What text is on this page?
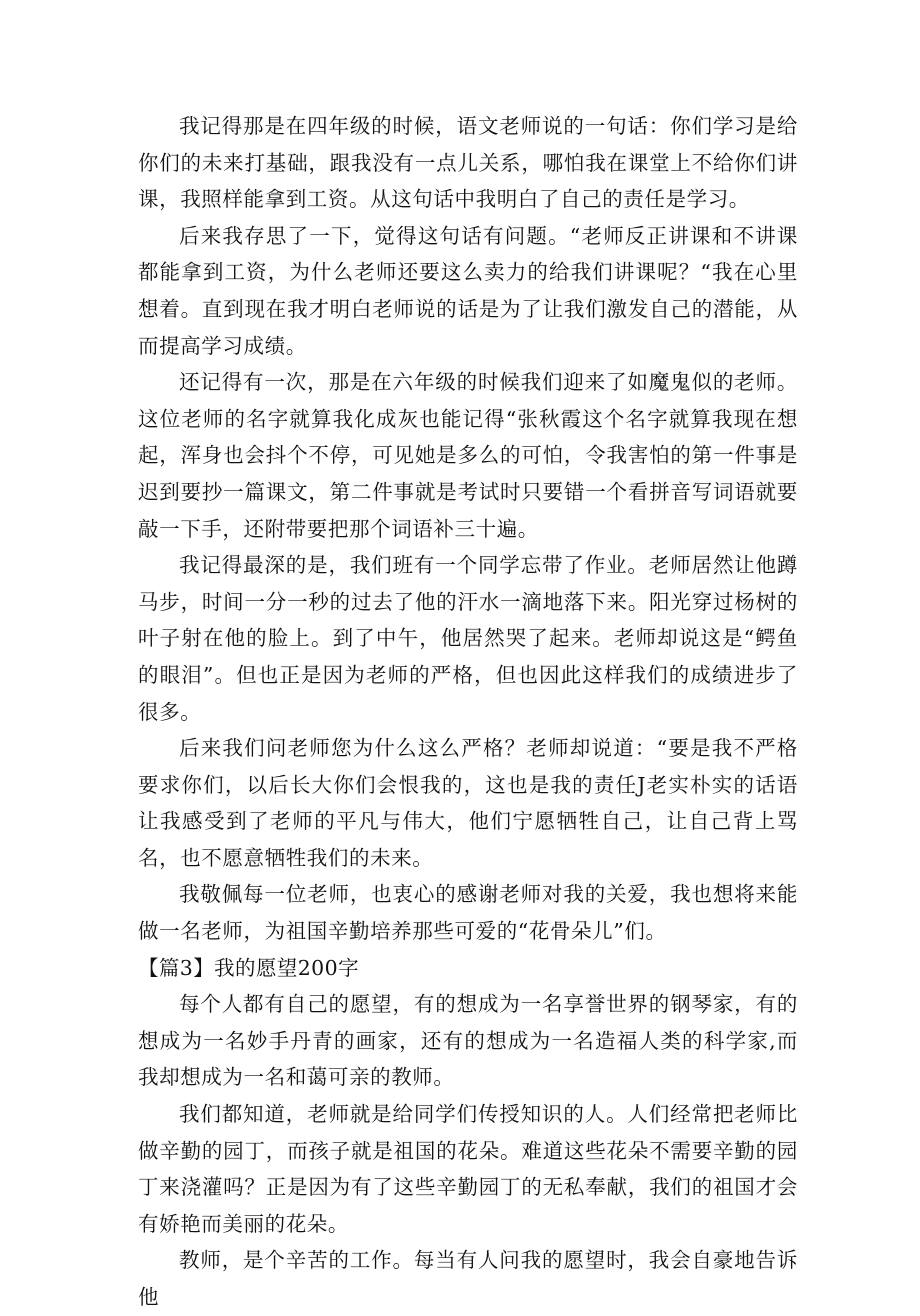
我记得那是在四年级的时候，语文老师说的一句话：你们学习是给你们的未来打基础，跟我没有一点儿关系，哪怕我在课堂上不给你们讲课，我照样能拿到工资。从这句话中我明白了自己的责任是学习。

后来我存思了一下，觉得这句话有问题。“老师反正讲课和不讲课都能拿到工资，为什么老师还要这么卖力的给我们讲课呢？“我在心里想着。直到现在我才明白老师说的话是为了让我们激发自己的潜能，从而提高学习成绩。

还记得有一次，那是在六年级的时候我们迎来了如魔鬼似的老师。这位老师的名字就算我化成灰也能记得“张秋霞这个名字就算我现在想起，浑身也会抖个不停，可见她是多么的可怕，令我害怕的第一件事是迟到要抄一篇课文，第二件事就是考试时只要错一个看拼音写词语就要敲一下手，还附带要把那个词语补三十遍。

我记得最深的是，我们班有一个同学忘带了作业。老师居然让他蹲马步，时间一分一秒的过去了他的汗水一滴地落下来。阳光穿过杨树的叶子射在他的脸上。到了中午，他居然哭了起来。老师却说这是“鳄鱼的眼泪”。但也正是因为老师的严格，但也因此这样我们的成绩进步了很多。

后来我们问老师您为什么这么严格？老师却说道：“要是我不严格要求你们，以后长大你们会恨我的，这也是我的责任J老实朴实的话语让我感受到了老师的平凡与伟大，他们宁愿牺牲自己，让自己背上骂名，也不愿意牺牲我们的未来。

我敬佩每一位老师，也衷心的感谢老师对我的关爱，我也想将来能做一名老师，为祖国辛勤培养那些可爱的“花骨朵儿”们。

【篇3】我的愿望200字

每个人都有自己的愿望，有的想成为一名享誉世界的钢琴家，有的想成为一名妙手丹青的画家，还有的想成为一名造福人类的科学家,而我却想成为一名和蔼可亲的教师。

我们都知道，老师就是给同学们传授知识的人。人们经常把老师比做辛勤的园丁，而孩子就是祖国的花朵。难道这些花朵不需要辛勤的园丁来浇灌吗？正是因为有了这些辛勤园丁的无私奉献，我们的祖国才会有娇艳而美丽的花朵。

教师，是个辛苦的工作。每当有人问我的愿望时，我会自豪地告诉他
